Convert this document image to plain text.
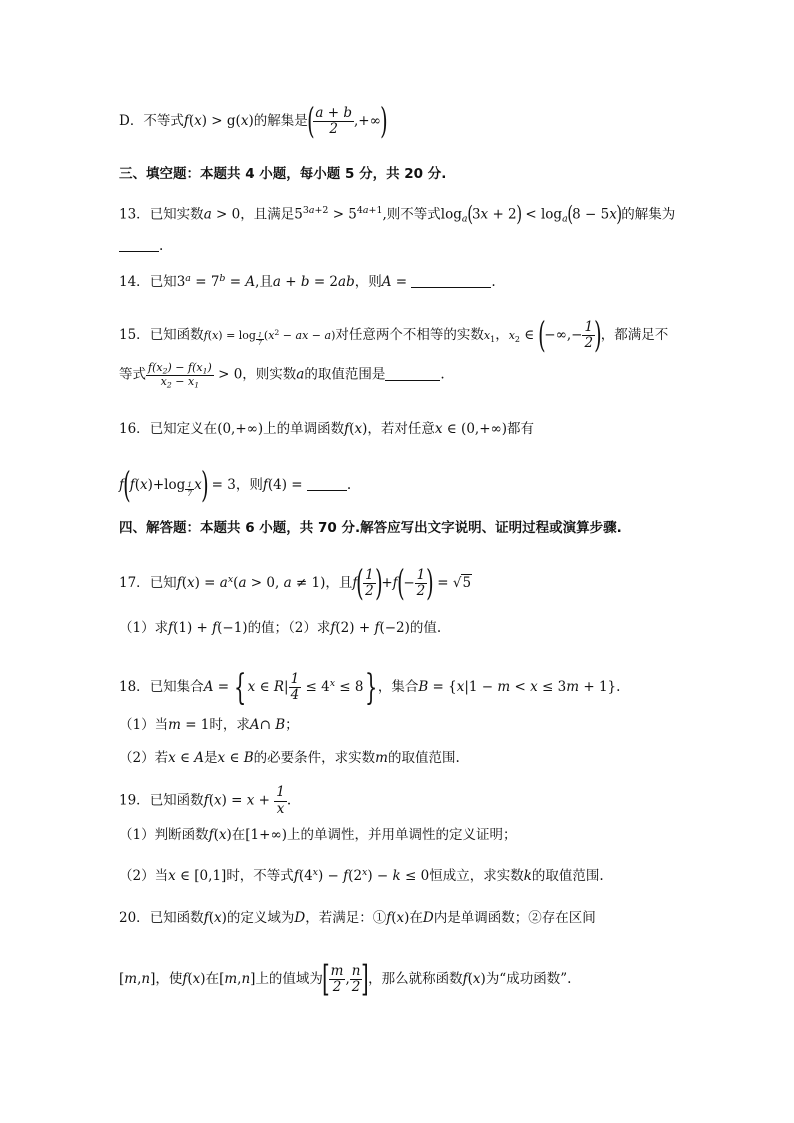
D．不等式f(x) > g(x)的解集是( $\frac{a + b}{2}$ ,+∞)
三、填空题：本题共 4 小题，每小题 5 分，共 20 分.
13．已知实数a > 0，且满足$5^{3a+2} > 5^{4a+1}$,则不等式$\log_a(3x + 2) < \log_a(8 - 5x)$的解集为
.
14．已知$3^a = 7^b = A$,且a + b = 2ab，则A =	.
15．已知函数f(x) = log $_{\frac{1}{7}}$ ($x^2$ − ax − a)对任意两个不相等的实数$x_1$，$x_2$ ∈ (−∞,− $\frac{1}{2}$ )，都满足不
等式 $\frac{f(x_2) - f(x_1)}{x_2 - x_1} > 0$，则实数a的取值范围是	.
16．已知定义在(0,+∞)上的单调函数f(x)，若对任意x ∈ (0,+∞)都有
f(f(x)+log $_{\frac{1}{7}}$ x) = 3，则f(4) =	.
四、解答题：本题共 6 小题，共 70 分.解答应写出文字说明、证明过程或演算步骤.
17．已知$f(x) = a^x(a > 0$, a ≠ 1)，且$f( \frac{1}{2} )+f(- \frac{1}{2}$ ) = √5
（1）求f(1) + f(−1)的值；（2）求f(2) + f(−2)的值.
18．已知集合A = {x ∈ $R| \frac{1}{4} \le 4^x \le 8$}，集合B = {x|1 − m < x ≤ 3m + 1}.
（1）当m = 1时，求A∩ B；
（2）若x ∈ A是x ∈ B的必要条件，求实数m的取值范围.
19．已知函数$f(x) = x + \frac{1}{x}$ .
（1）判断函数f(x)在[1+∞)上的单调性，并用单调性的定义证明；
（2）当x ∈ [0,1]时，不等式$f(4^x) - f(2^x) - k \le 0$恒成立，求实数k的取值范围.
20．已知函数f(x)的定义域为D，若满足：①f(x)在D内是单调函数；②存在区间
[m,n]，使f(x)在[m,n]上的值域为[ $\frac{m}{2}$ , $\frac{n}{2}$ ]，那么就称函数f(x)为“成功函数”.
